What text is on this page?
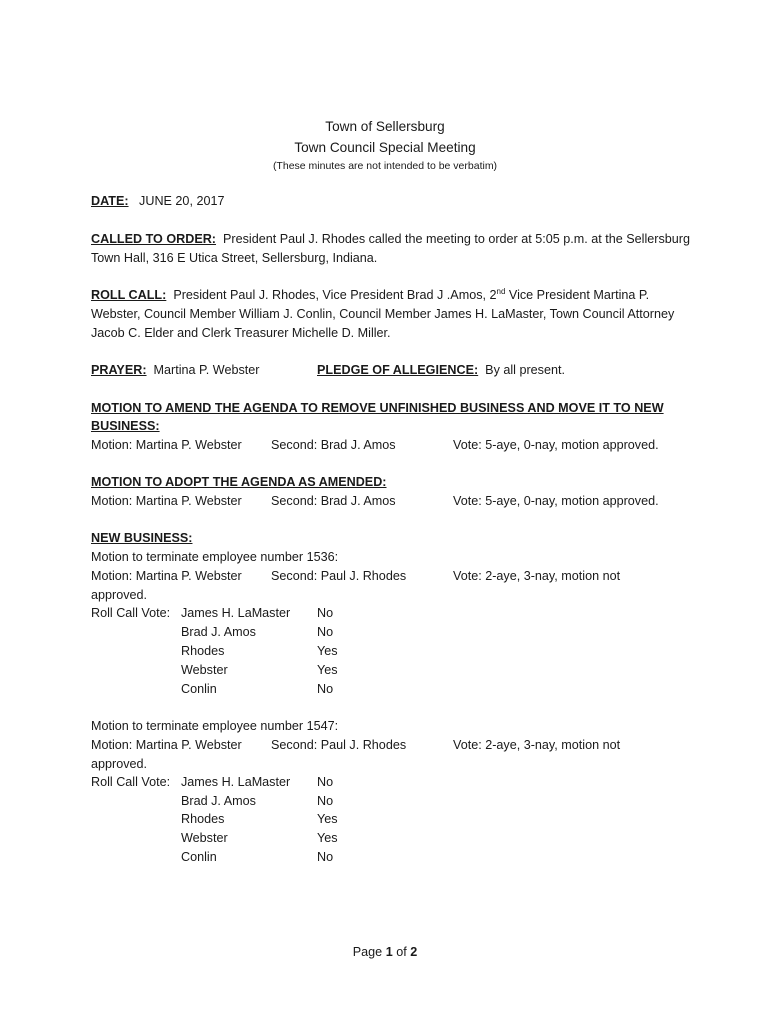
Town of Sellersburg
Town Council Special Meeting
(These minutes are not intended to be verbatim)
DATE: JUNE 20, 2017
CALLED TO ORDER: President Paul J. Rhodes called the meeting to order at 5:05 p.m. at the Sellersburg
Town Hall, 316 E Utica Street, Sellersburg, Indiana.
ROLL CALL: President Paul J. Rhodes, Vice President Brad J .Amos, 2nd Vice President Martina P.
Webster, Council Member William J. Conlin, Council Member James H. LaMaster, Town Council Attorney
Jacob C. Elder and Clerk Treasurer Michelle D. Miller.
PRAYER: Martina P. Webster	PLEDGE OF ALLEGIENCE: By all present.
MOTION TO AMEND THE AGENDA TO REMOVE UNFINISHED BUSINESS AND MOVE IT TO NEW
BUSINESS:
Motion: Martina P. Webster Second: Brad J. Amos	Vote: 5-aye, 0-nay, motion approved.
MOTION TO ADOPT THE AGENDA AS AMENDED:
Motion: Martina P. Webster Second: Brad J. Amos	Vote: 5-aye, 0-nay, motion approved.
NEW BUSINESS:
Motion to terminate employee number 1536:
Motion: Martina P. Webster Second: Paul J. Rhodes	Vote: 2-aye, 3-nay, motion not
approved.
Roll Call Vote: James H. LaMaster No
Brad J. Amos	No
Rhodes	Yes
Webster	Yes
Conlin	No
Motion to terminate employee number 1547:
Motion: Martina P. Webster Second: Paul J. Rhodes	Vote: 2-aye, 3-nay, motion not
approved.
Roll Call Vote: James H. LaMaster No
Brad J. Amos	No
Rhodes	Yes
Webster	Yes
Conlin	No
Page 1 of 2
